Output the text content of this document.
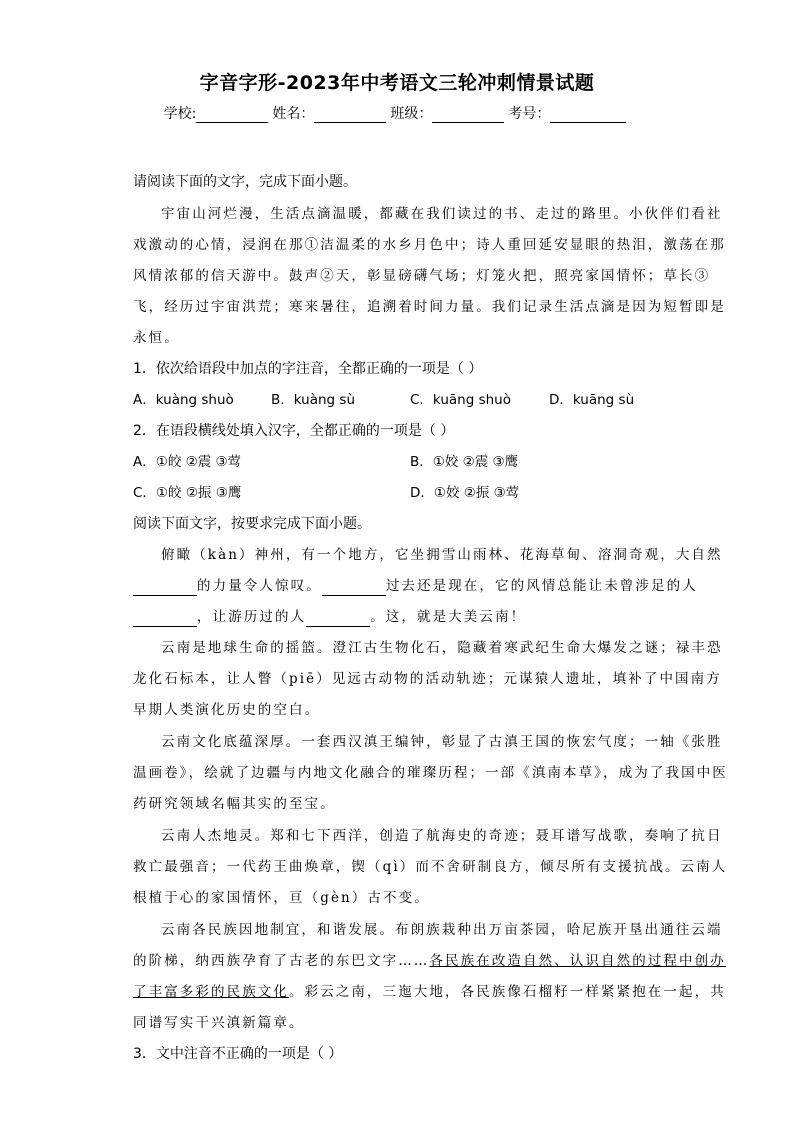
字音字形-2023年中考语文三轮冲刺情景试题
学校:	姓名：	班级：	考号：
请阅读下面的文字，完成下面小题。
宇宙山河烂漫，生活点滴温暖，都藏在我们读过的书、走过的路里。小伙伴们看社
戏激动的心情，浸润在那①洁温柔的水乡月色中；诗人重回延安显眼的热泪，激荡在那
风情浓郁的信天游中。鼓声②天，彰显磅礴气场；灯笼火把，照亮家国情怀；草长③
飞，经历过宇宙洪荒；寒来暑往，追溯着时间力量。我们记录生活点滴是因为短暂即是
永恒。
1．依次给语段中加点的字注音，全都正确的一项是（ ）
A．kuàng shuò	B．kuàng sù	C．kuāng shuò	D．kuāng sù
2．在语段横线处填入汉字，全都正确的一项是（ ）
A．①皎 ②震 ③莺	B．①姣 ②震 ③鹰
C．①皎 ②振 ③鹰	D．①姣 ②振 ③莺
阅读下面文字，按要求完成下面小题。
俯瞰（kàn）神州，有一个地方，它坐拥雪山雨林、花海草甸、溶洞奇观，大自然
的力量令人惊叹。	过去还是现在，它的风情总能让未曾涉足的人
，让游历过的人	。这，就是大美云南！
云南是地球生命的摇篮。澄江古生物化石，隐藏着寒武纪生命大爆发之谜；禄丰恐
龙化石标本，让人瞥（piē）见远古动物的活动轨迹；元谋猿人遗址，填补了中国南方
早期人类演化历史的空白。
云南文化底蕴深厚。一套西汉滇王编钟，彰显了古滇王国的恢宏气度；一轴《张胜
温画卷》，绘就了边疆与内地文化融合的璀璨历程；一部《滇南本草》，成为了我国中医
药研究领域名幅其实的至宝。
云南人杰地灵。郑和七下西洋，创造了航海史的奇迹；聂耳谱写战歌，奏响了抗日
救亡最强音；一代药王曲焕章，锲（qì）而不舍研制良方，倾尽所有支援抗战。云南人
根植于心的家国情怀，亘（gèn）古不变。
云南各民族因地制宜，和谐发展。布朗族栽种出万亩茶园，哈尼族开垦出通往云端
的阶梯，纳西族孕育了古老的东巴文字……各民族在改造自然、认识自然的过程中创办
了丰富多彩的民族文化。彩云之南，三迤大地，各民族像石榴籽一样紧紧抱在一起，共
同谱写实干兴滇新篇章。
3．文中注音不正确的一项是（ ）
